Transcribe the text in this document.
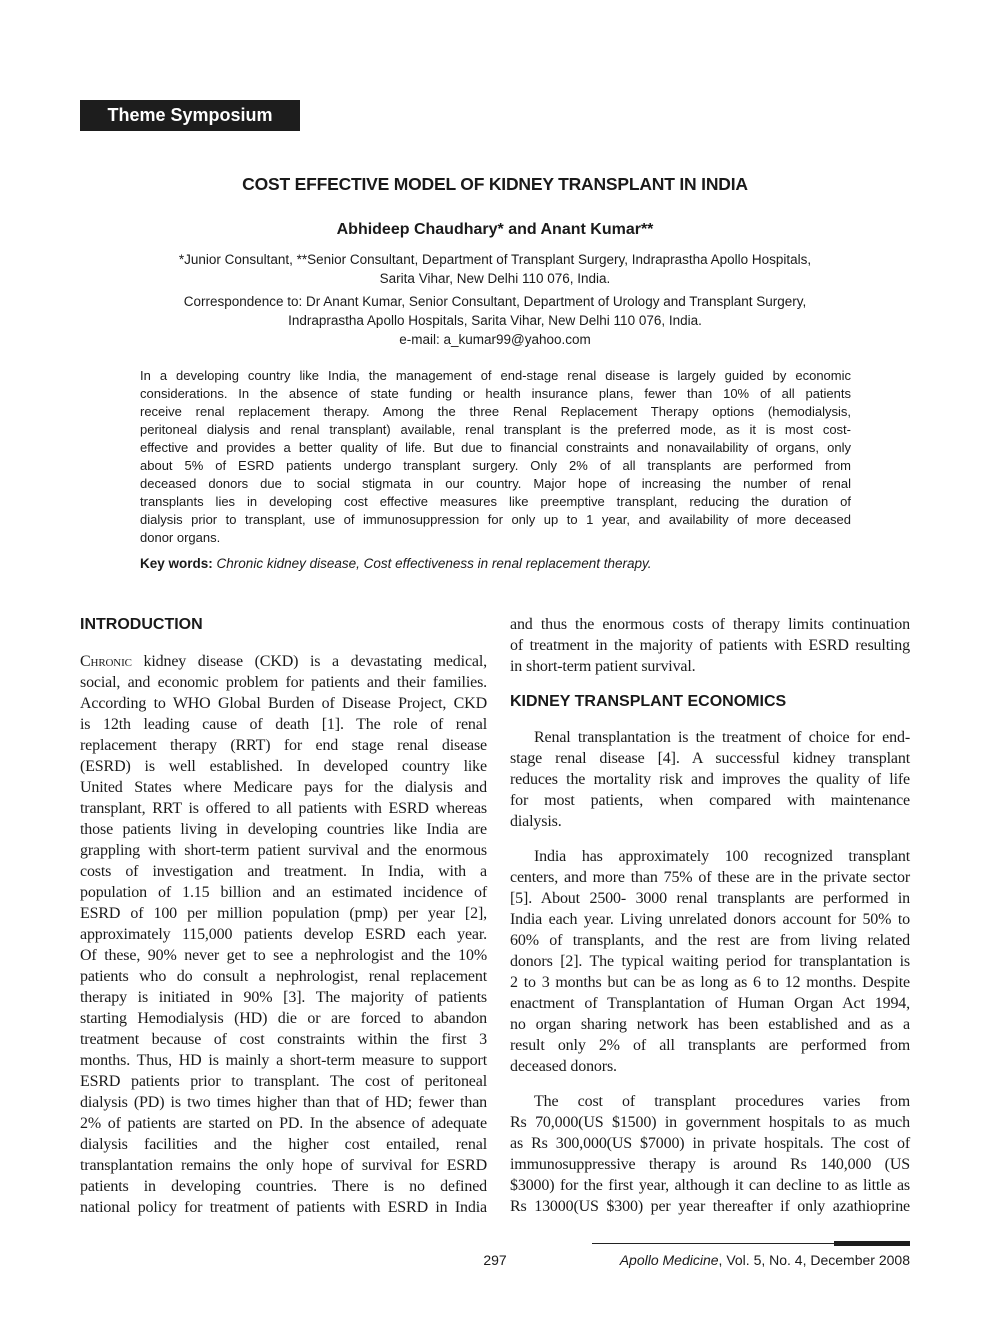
Theme Symposium
COST EFFECTIVE MODEL OF KIDNEY TRANSPLANT IN INDIA
Abhideep Chaudhary* and Anant Kumar**
*Junior Consultant, **Senior Consultant, Department of Transplant Surgery, Indraprastha Apollo Hospitals,
Sarita Vihar, New Delhi 110 076, India.
Correspondence to: Dr Anant Kumar, Senior Consultant, Department of Urology and Transplant Surgery,
Indraprastha Apollo Hospitals, Sarita Vihar, New Delhi 110 076, India.
e-mail: a_kumar99@yahoo.com
In a developing country like India, the management of end-stage renal disease is largely guided by economic
considerations. In the absence of state funding or health insurance plans, fewer than 10% of all patients
receive renal replacement therapy. Among the three Renal Replacement Therapy options (hemodialysis,
peritoneal dialysis and renal transplant) available, renal transplant is the preferred mode, as it is most cost-
effective and provides a better quality of life. But due to financial constraints and nonavailability of organs, only
about 5% of ESRD patients undergo transplant surgery. Only 2% of all transplants are performed from
deceased donors due to social stigmata in our country. Major hope of increasing the number of renal
transplants lies in developing cost effective measures like preemptive transplant, reducing the duration of
dialysis prior to transplant, use of immunosuppression for only up to 1 year, and availability of more deceased
donor organs.
Key words: Chronic kidney disease, Cost effectiveness in renal replacement therapy.
INTRODUCTION
Chronic kidney disease (CKD) is a devastating medical,
social, and economic problem for patients and their families.
According to WHO Global Burden of Disease Project, CKD
is 12th leading cause of death [1]. The role of renal
replacement therapy (RRT) for end stage renal disease
(ESRD) is well established. In developed country like
United States where Medicare pays for the dialysis and
transplant, RRT is offered to all patients with ESRD whereas
those patients living in developing countries like India are
grappling with short-term patient survival and the enormous
costs of investigation and treatment. In India, with a
population of 1.15 billion and an estimated incidence of
ESRD of 100 per million population (pmp) per year [2],
approximately 115,000 patients develop ESRD each year.
Of these, 90% never get to see a nephrologist and the 10%
patients who do consult a nephrologist, renal replacement
therapy is initiated in 90% [3]. The majority of patients
starting Hemodialysis (HD) die or are forced to abandon
treatment because of cost constraints within the first 3
months. Thus, HD is mainly a short-term measure to support
ESRD patients prior to transplant. The cost of peritoneal
dialysis (PD) is two times higher than that of HD; fewer than
2% of patients are started on PD. In the absence of adequate
dialysis facilities and the higher cost entailed, renal
transplantation remains the only hope of survival for ESRD
patients in developing countries. There is no defined
national policy for treatment of patients with ESRD in India
and thus the enormous costs of therapy limits continuation
of treatment in the majority of patients with ESRD resulting
in short-term patient survival.
KIDNEY TRANSPLANT ECONOMICS
Renal transplantation is the treatment of choice for end-
stage renal disease [4]. A successful kidney transplant
reduces the mortality risk and improves the quality of life
for most patients, when compared with maintenance
dialysis.
India has approximately 100 recognized transplant
centers, and more than 75% of these are in the private sector
[5]. About 2500- 3000 renal transplants are performed in
India each year. Living unrelated donors account for 50% to
60% of transplants, and the rest are from living related
donors [2]. The typical waiting period for transplantation is
2 to 3 months but can be as long as 6 to 12 months. Despite
enactment of Transplantation of Human Organ Act 1994,
no organ sharing network has been established and as a
result only 2% of all transplants are performed from
deceased donors.
The cost of transplant procedures varies from
Rs 70,000(US $1500) in government hospitals to as much
as Rs 300,000(US $7000) in private hospitals. The cost of
immunosuppressive therapy is around Rs 140,000 (US
$3000) for the first year, although it can decline to as little as
Rs 13000(US $300) per year thereafter if only azathioprine
297	Apollo Medicine, Vol. 5, No. 4, December 2008
